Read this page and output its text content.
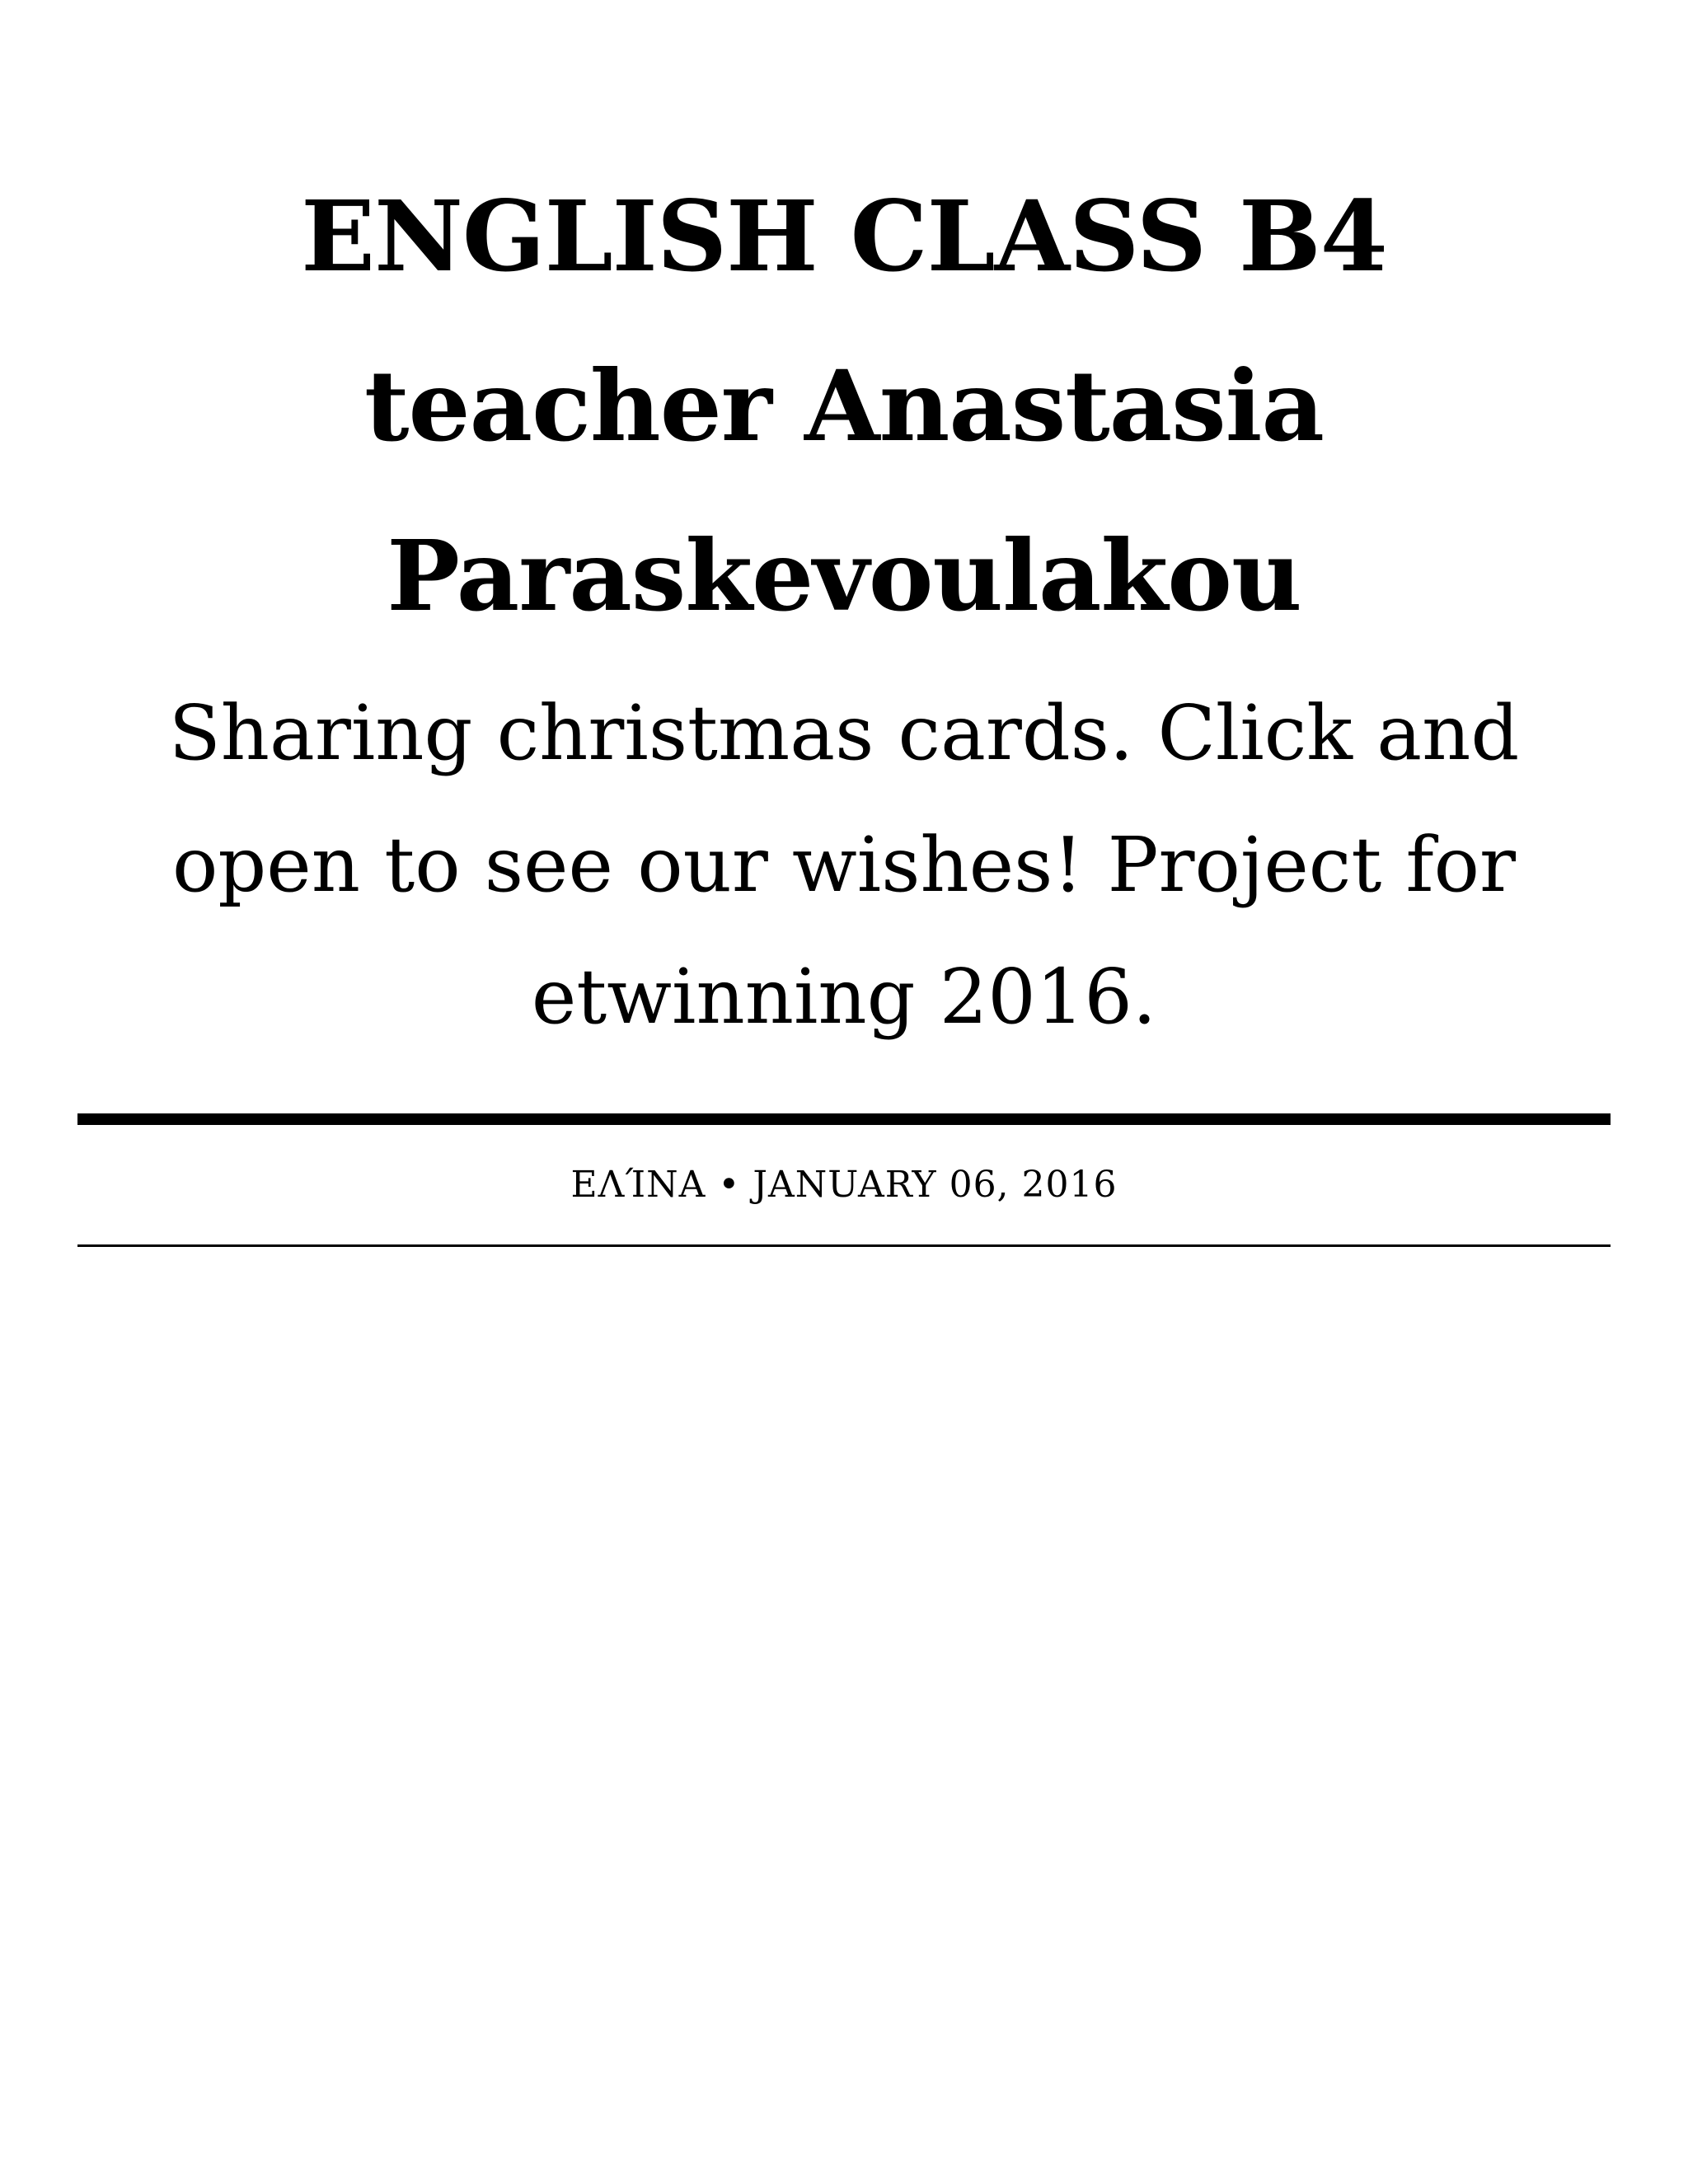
ENGLISH CLASS B4
teacher Anastasia
Paraskevoulakou

Sharing christmas cards. Click and
open to see our wishes! Project for
etwinning 2016.

ΕΛΊΝΑ • JANUARY 06, 2016
